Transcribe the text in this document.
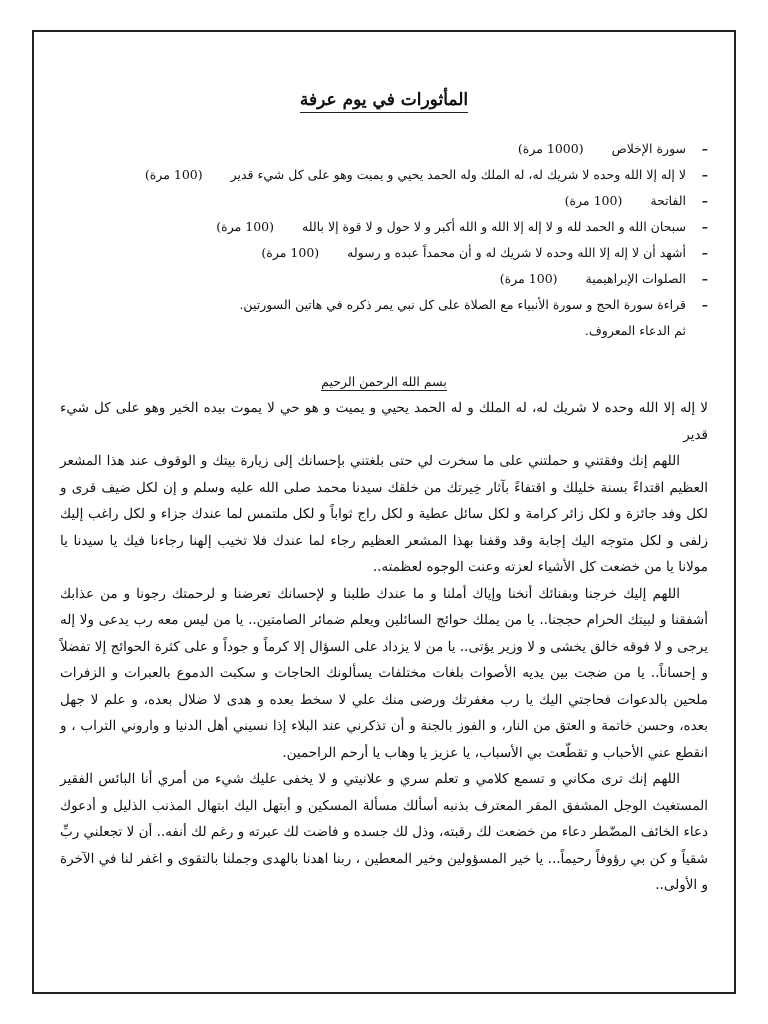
المأثورات في يوم عرفة
–
سورة الإخلاص(1000 مرة)
–
لا إله إلا الله وحده لا شريك له، له الملك وله الحمد يحيي و يميت وهو على كل شيء قدير(100 مرة)
–
الفاتحة(100 مرة)
–
سبحان الله و الحمد لله و لا إله إلا الله و الله أكبر و لا حول و لا قوة إلا بالله(100 مرة)
–
أشهد أن لا إله إلا الله وحده لا شريك له و أن محمداً عبده و رسوله(100 مرة)
–
الصلوات الإبراهيمية(100 مرة)
–
قراءة سورة الحج و سورة الأنبياء مع الصلاة على كل نبي يمر ذكره في هاتين السورتين.
ثم الدعاء المعروف.
بسم الله الرحمن الرحيم

لا إله إلا الله وحده لا شريك له، له الملك و له الحمد يحيي و يميت و هو حي لا يموت بيده الخير وهو على كل شيء قدير

اللهم إنك وفقتني و حملتني على ما سخرت لي حتى بلغتني بإحسانك إلى زيارة بيتك و الوقوف عند هذا المشعر العظيم اقتداءً بسنة خليلك و اقتفاءً بآثار خِيرتك من خلقك سيدنا محمد صلى الله عليه وسلم و إن لكل ضيف قرى و لكل وفد جائزة و لكل زائر كرامة و لكل سائل عطية و لكل راج ثواباً و لكل ملتمس لما عندك جزاء و لكل راغب إليك زلفى و لكل متوجه اليك إجابة وقد وقفنا بهذا المشعر العظيم رجاء لما عندك فلا تخيب إلهنا رجاءنا فيك يا سيدنا يا مولانا يا من خضعت كل الأشياء لعزته وعنت الوجوه لعظمته..

اللهم إليك خرجنا وبفنائك أنخنا وإياك أملنا و ما عندك طلبنا و لإحسانك تعرضنا و لرحمتك رجونا و من عذابك أشفقنا و لبيتك الحرام حججنا.. يا من يملك حوائج السائلين ويعلم ضمائر الصامتين.. يا من ليس معه رب يدعى ولا إله يرجى و لا فوقه خالق يخشى و لا وزير يؤتى.. يا من لا يزداد على السؤال إلا كرماً و جوداً و على كثرة الحوائج إلا تفضلاً و إحساناً.. يا من ضجت بين يديه الأصوات بلغات مختلفات يسألونك الحاجات و سكبت الدموع بالعبرات و الزفرات ملحين بالدعوات فحاجتي اليك يا رب مغفرتك ورضى منك علي لا سخط بعده و هدى لا ضلال بعده، و علم لا جهل بعده، وحسن خاتمة و العتق من النار، و الفوز بالجنة و أن تذكرني عند البلاء إذا نسيني أهل الدنيا و واروني التراب ، و انقطع عني الأحباب و تقطّعت بي الأسباب، يا عزيز يا وهاب يا أرحم الراحمين.

اللهم إنك ترى مكاني و تسمع كلامي و تعلم سري و علانيتي و لا يخفى عليك شيء من أمري أنا البائس الفقير المستغيث الوجل المشفق المقر المعترف بذنبه أسألك مسألة المسكين و أبتهل اليك ابتهال المذنب الذليل و أدعوك دعاء الخائف المضّطر دعاء من خضعت لك رقبته، وذل لك جسده و فاضت لك عبرته و رغم لك أنفه.. أن لا تجعلني ربِّ شقياً و كن بي رؤوفاً رحيماً... يا خير المسؤولين وخير المعطين ، ربنا اهدنا بالهدى وجملنا بالتقوى و اغفر لنا في الآخرة و الأولى..
